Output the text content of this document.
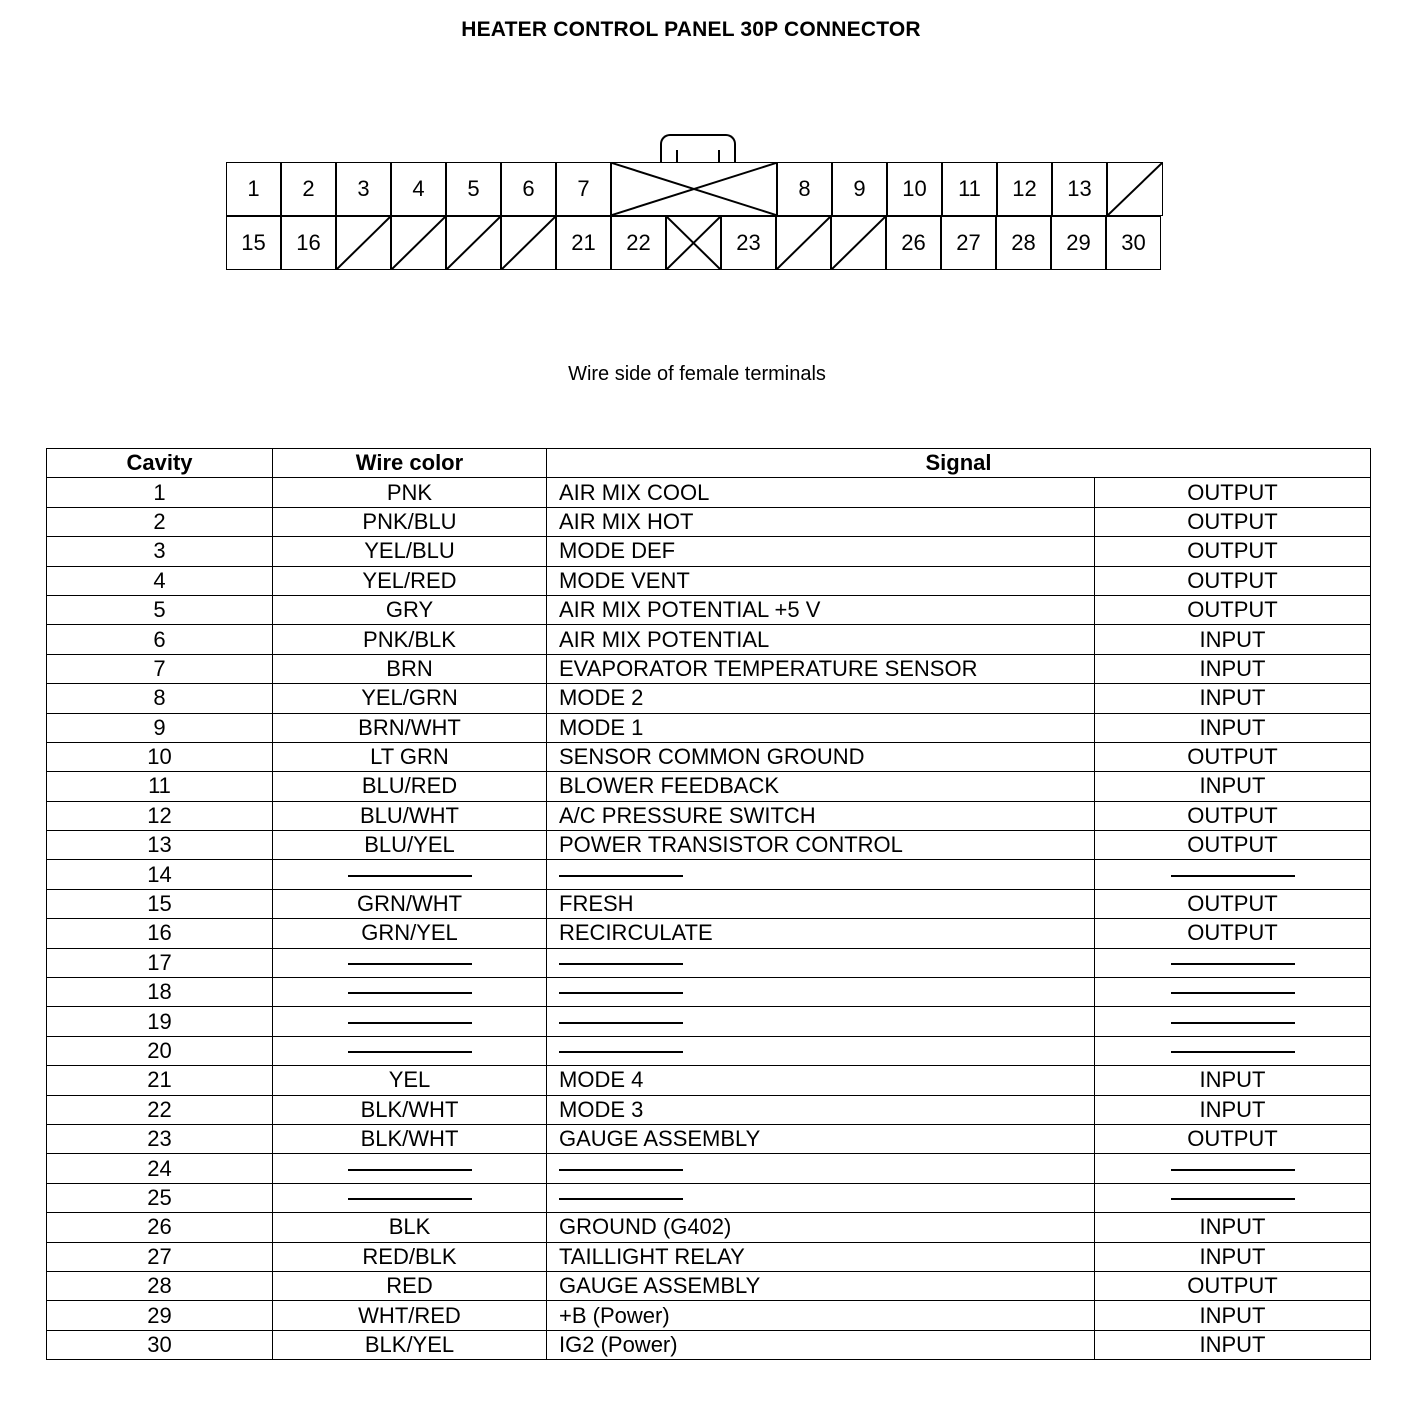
HEATER CONTROL PANEL 30P CONNECTOR
1 2 3 4 5 6 7	8 9 10 11 12 13
15 16	21 22	23	26 27 28 29 30
Wire side of female terminals
Cavity	Wire color	Signal	
1	PNK	AIR MIX COOL	OUTPUT
2	PNK/BLU	AIR MIX HOT	OUTPUT
3	YEL/BLU	MODE DEF	OUTPUT
4	YEL/RED	MODE VENT	OUTPUT
5	GRY	AIR MIX POTENTIAL +5 V	OUTPUT
6	PNK/BLK	AIR MIX POTENTIAL	INPUT
7	BRN	EVAPORATOR TEMPERATURE SENSOR	INPUT
8	YEL/GRN	MODE 2	INPUT
9	BRN/WHT	MODE 1	INPUT
10	LT GRN	SENSOR COMMON GROUND	OUTPUT
11	BLU/RED	BLOWER FEEDBACK	INPUT
12	BLU/WHT	A/C PRESSURE SWITCH	OUTPUT
13	BLU/YEL	POWER TRANSISTOR CONTROL	OUTPUT
14			
15	GRN/WHT	FRESH	OUTPUT
16	GRN/YEL	RECIRCULATE	OUTPUT
17			
18			
19			
20			
21	YEL	MODE 4	INPUT
22	BLK/WHT	MODE 3	INPUT
23	BLK/WHT	GAUGE ASSEMBLY	OUTPUT
24			
25			
26	BLK	GROUND (G402)	INPUT
27	RED/BLK	TAILLIGHT RELAY	INPUT
28	RED	GAUGE ASSEMBLY	OUTPUT
29	WHT/RED	+B (Power)	INPUT
30	BLK/YEL	IG2 (Power)	INPUT
